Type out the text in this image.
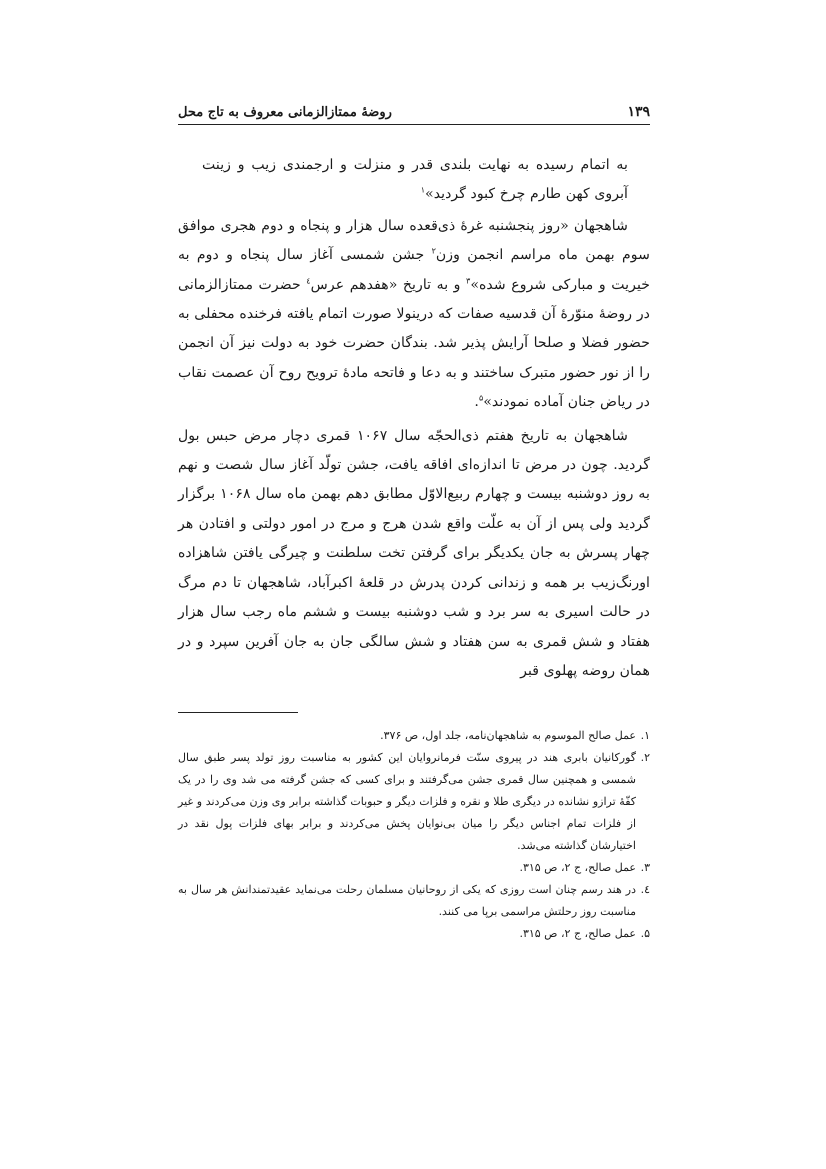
۱۳۹
روضهٔ ممتازالزمانی معروف به تاج محل

به اتمام رسیده به نهایت بلندی قدر و منزلت و ارجمندی زیب و زینت آبروی کهن طارم چرخ کبود گردید»$^۱$

شاهجهان «روز پنجشنبه غرهٔ ذی‌قعده سال هزار و پنجاه و دوم هجری موافق سوم بهمن ماه مراسم انجمن وزن$^۲$ جشن شمسی آغاز سال پنجاه و دوم به خیریت و مبارکی شروع شده»$^۳$ و به تاریخ «هفدهم عرس$^٤$ حضرت ممتازالزمانی در روضهٔ منوّرهٔ آن قدسیه صفات که درینولا صورت اتمام یافته فرخنده محفلی به حضور فضلا و صلحا آرایش پذیر شد. بندگان حضرت خود به دولت نیز آن انجمن را از نور حضور متبرک ساختند و به دعا و فاتحه مادهٔ ترویح روح آن عصمت نقاب در ریاض جنان آماده نمودند»$^۵$.

شاهجهان به تاریخ هفتم ذی‌الحجّه سال ۱۰۶۷ قمری دچار مرض حبس بول گردید. چون در مرض تا اندازه‌ای افاقه یافت، جشن تولّد آغاز سال شصت و نهم به روز دوشنبه بیست و چهارم ربیع‌الاوّل مطابق دهم بهمن ماه سال ۱۰۶۸ برگزار گردید ولی پس از آن به علّت واقع شدن هرج و مرج در امور دولتی و افتادن هر چهار پسرش به جان یکدیگر برای گرفتن تخت سلطنت و چیرگی یافتن شاهزاده اورنگ‌زیب بر همه و زندانی کردن پدرش در قلعهٔ اکبرآباد، شاهجهان تا دم مرگ در حالت اسیری به سر برد و شب دوشنبه بیست و ششم ماه رجب سال هزار هفتاد و شش قمری به سن هفتاد و شش سالگی جان به جان آفرین سپرد و در همان روضه پهلوی قبر

۱.
عمل صالح الموسوم به شاهجهان‌نامه، جلد اول، ص ۳۷۶.
۲.
گورکانیان بابری هند در پیروی سنّت فرمانروایان این کشور به مناسبت روز تولد پسر طبق سال شمسی و همچنین سال قمری جشن می‌گرفتند و برای کسی که جشن گرفته می شد وی را در یک کفّهٔ ترازو نشانده در دیگری طلا و نقره و فلزات دیگر و حبوبات گذاشته برابر وی وزن می‌کردند و غیر از فلزات تمام اجناس دیگر را میان بی‌نوایان پخش می‌کردند و برابر بهای فلزات پول نقد در اختیارشان گذاشته می‌شد.
۳.
عمل صالح، ج ۲، ص ۳۱۵.
٤.
در هند رسم چنان است روزی که یکی از روحانیان مسلمان رحلت می‌نماید عقیدتمندانش هر سال به مناسبت روز رحلتش مراسمی برپا می کنند.
۵.
عمل صالح، ج ۲، ص ۳۱۵.
